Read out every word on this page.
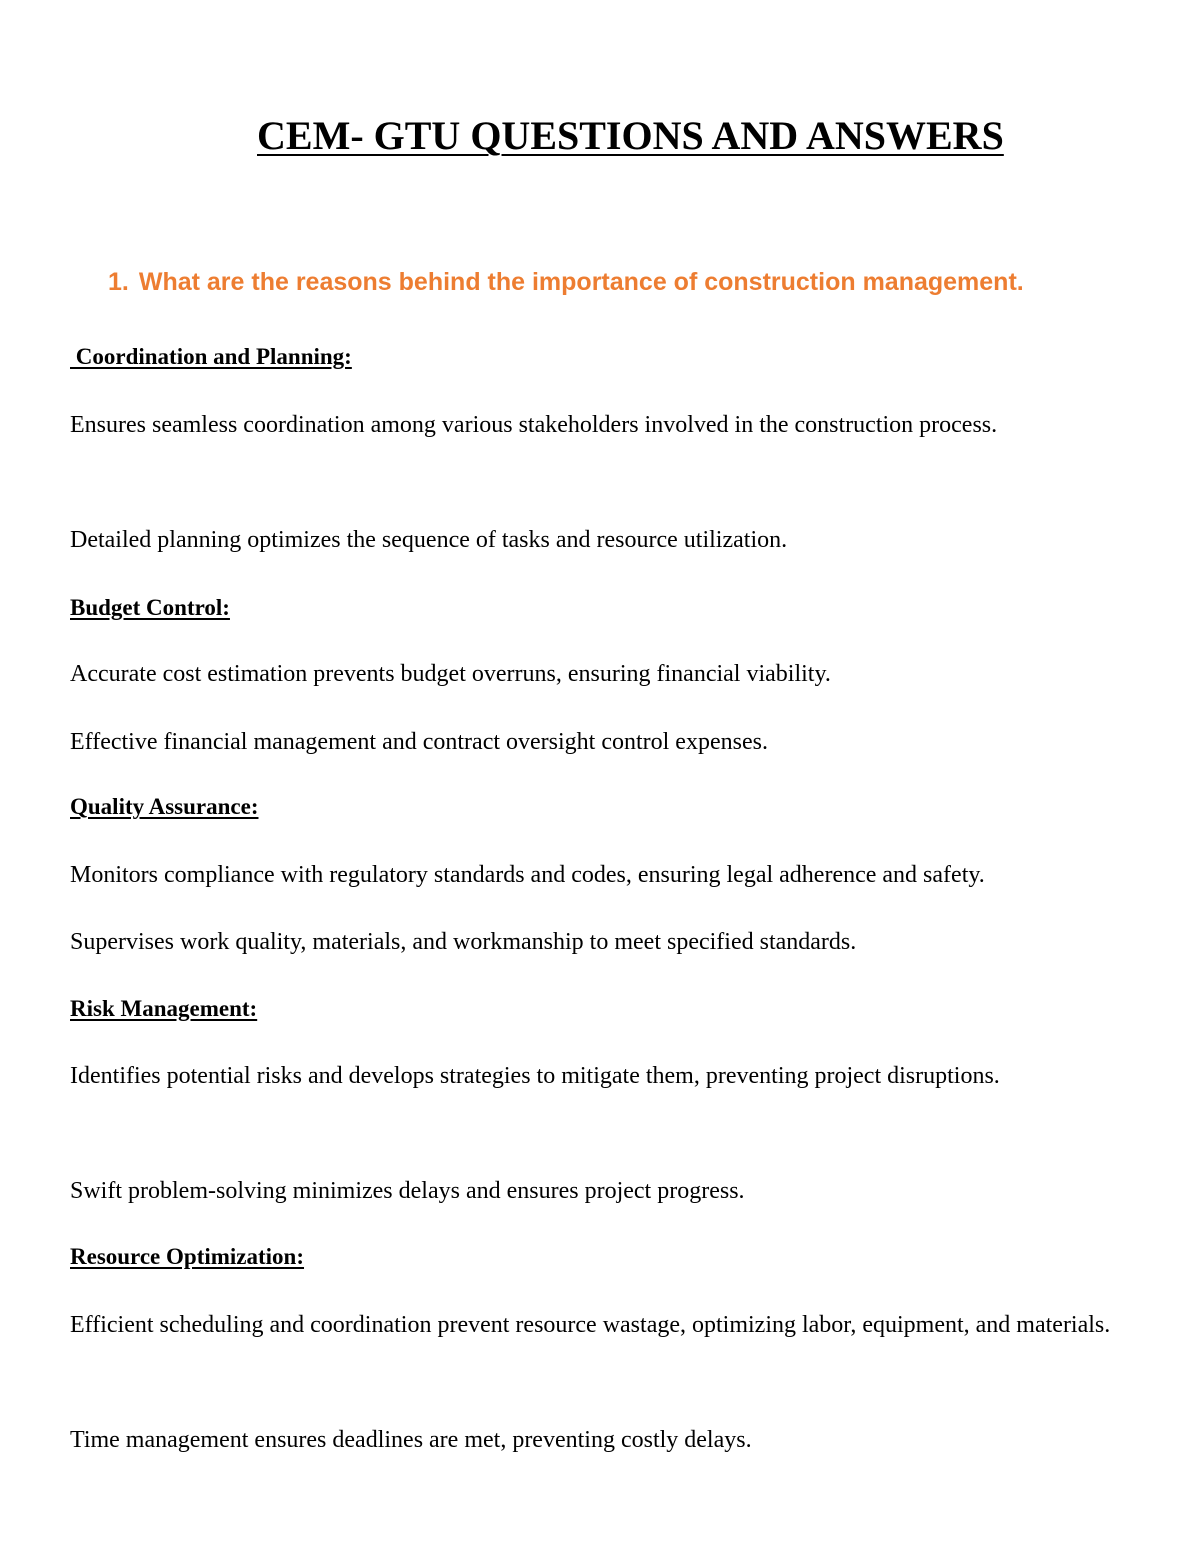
CEM- GTU QUESTIONS AND ANSWERS
1. What are the reasons behind the importance of construction management.
Coordination and Planning:
Ensures seamless coordination among various stakeholders involved in the construction process.
Detailed planning optimizes the sequence of tasks and resource utilization.
Budget Control:
Accurate cost estimation prevents budget overruns, ensuring financial viability.
Effective financial management and contract oversight control expenses.
Quality Assurance:
Monitors compliance with regulatory standards and codes, ensuring legal adherence and safety.
Supervises work quality, materials, and workmanship to meet specified standards.
Risk Management:
Identifies potential risks and develops strategies to mitigate them, preventing project disruptions.
Swift problem-solving minimizes delays and ensures project progress.
Resource Optimization:
Efficient scheduling and coordination prevent resource wastage, optimizing labor, equipment, and materials.
Time management ensures deadlines are met, preventing costly delays.
